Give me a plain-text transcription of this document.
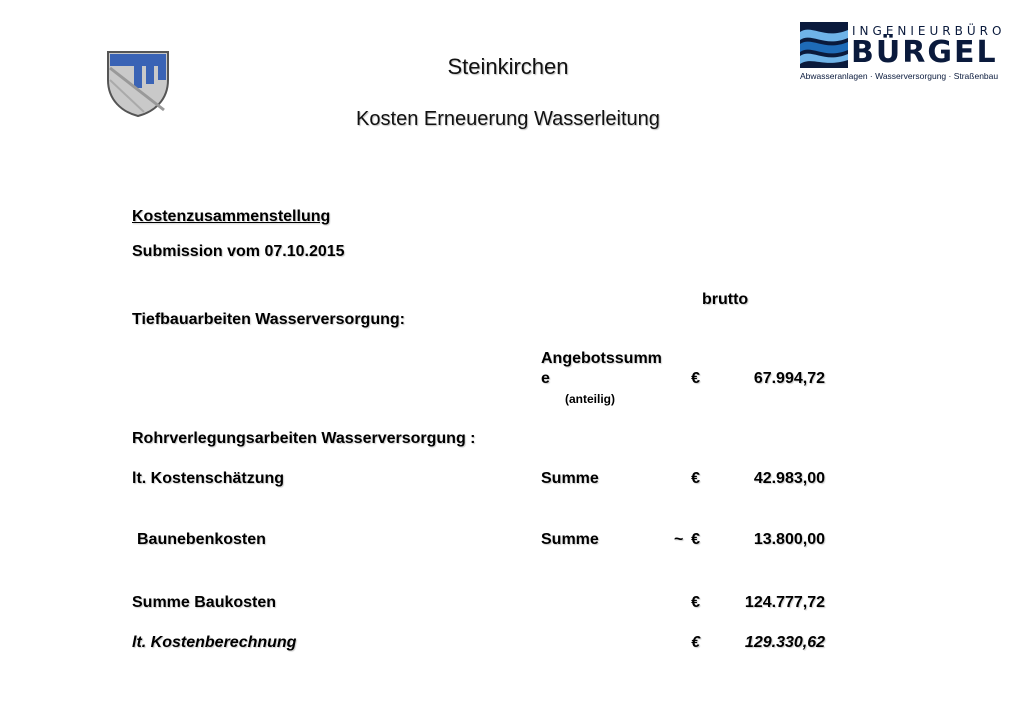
Steinkirchen
Kosten Erneuerung Wasserleitung
INGENIEURBÜRO
BÜRGEL
Abwasseranlagen · Wasserversorgung · Straßenbau
Kostenzusammenstellung
Submission vom 07.10.2015
brutto
Tiefbauarbeiten Wasserversorgung:
Angebotssumm
e
(anteilig)
€	67.994,72
Rohrverlegungsarbeiten Wasserversorgung :
lt. Kostenschätzung	Summe	€	42.983,00
Baunebenkosten	Summe	~ €	13.800,00
Summe Baukosten	€	124.777,72
lt. Kostenberechnung	€	129.330,62
